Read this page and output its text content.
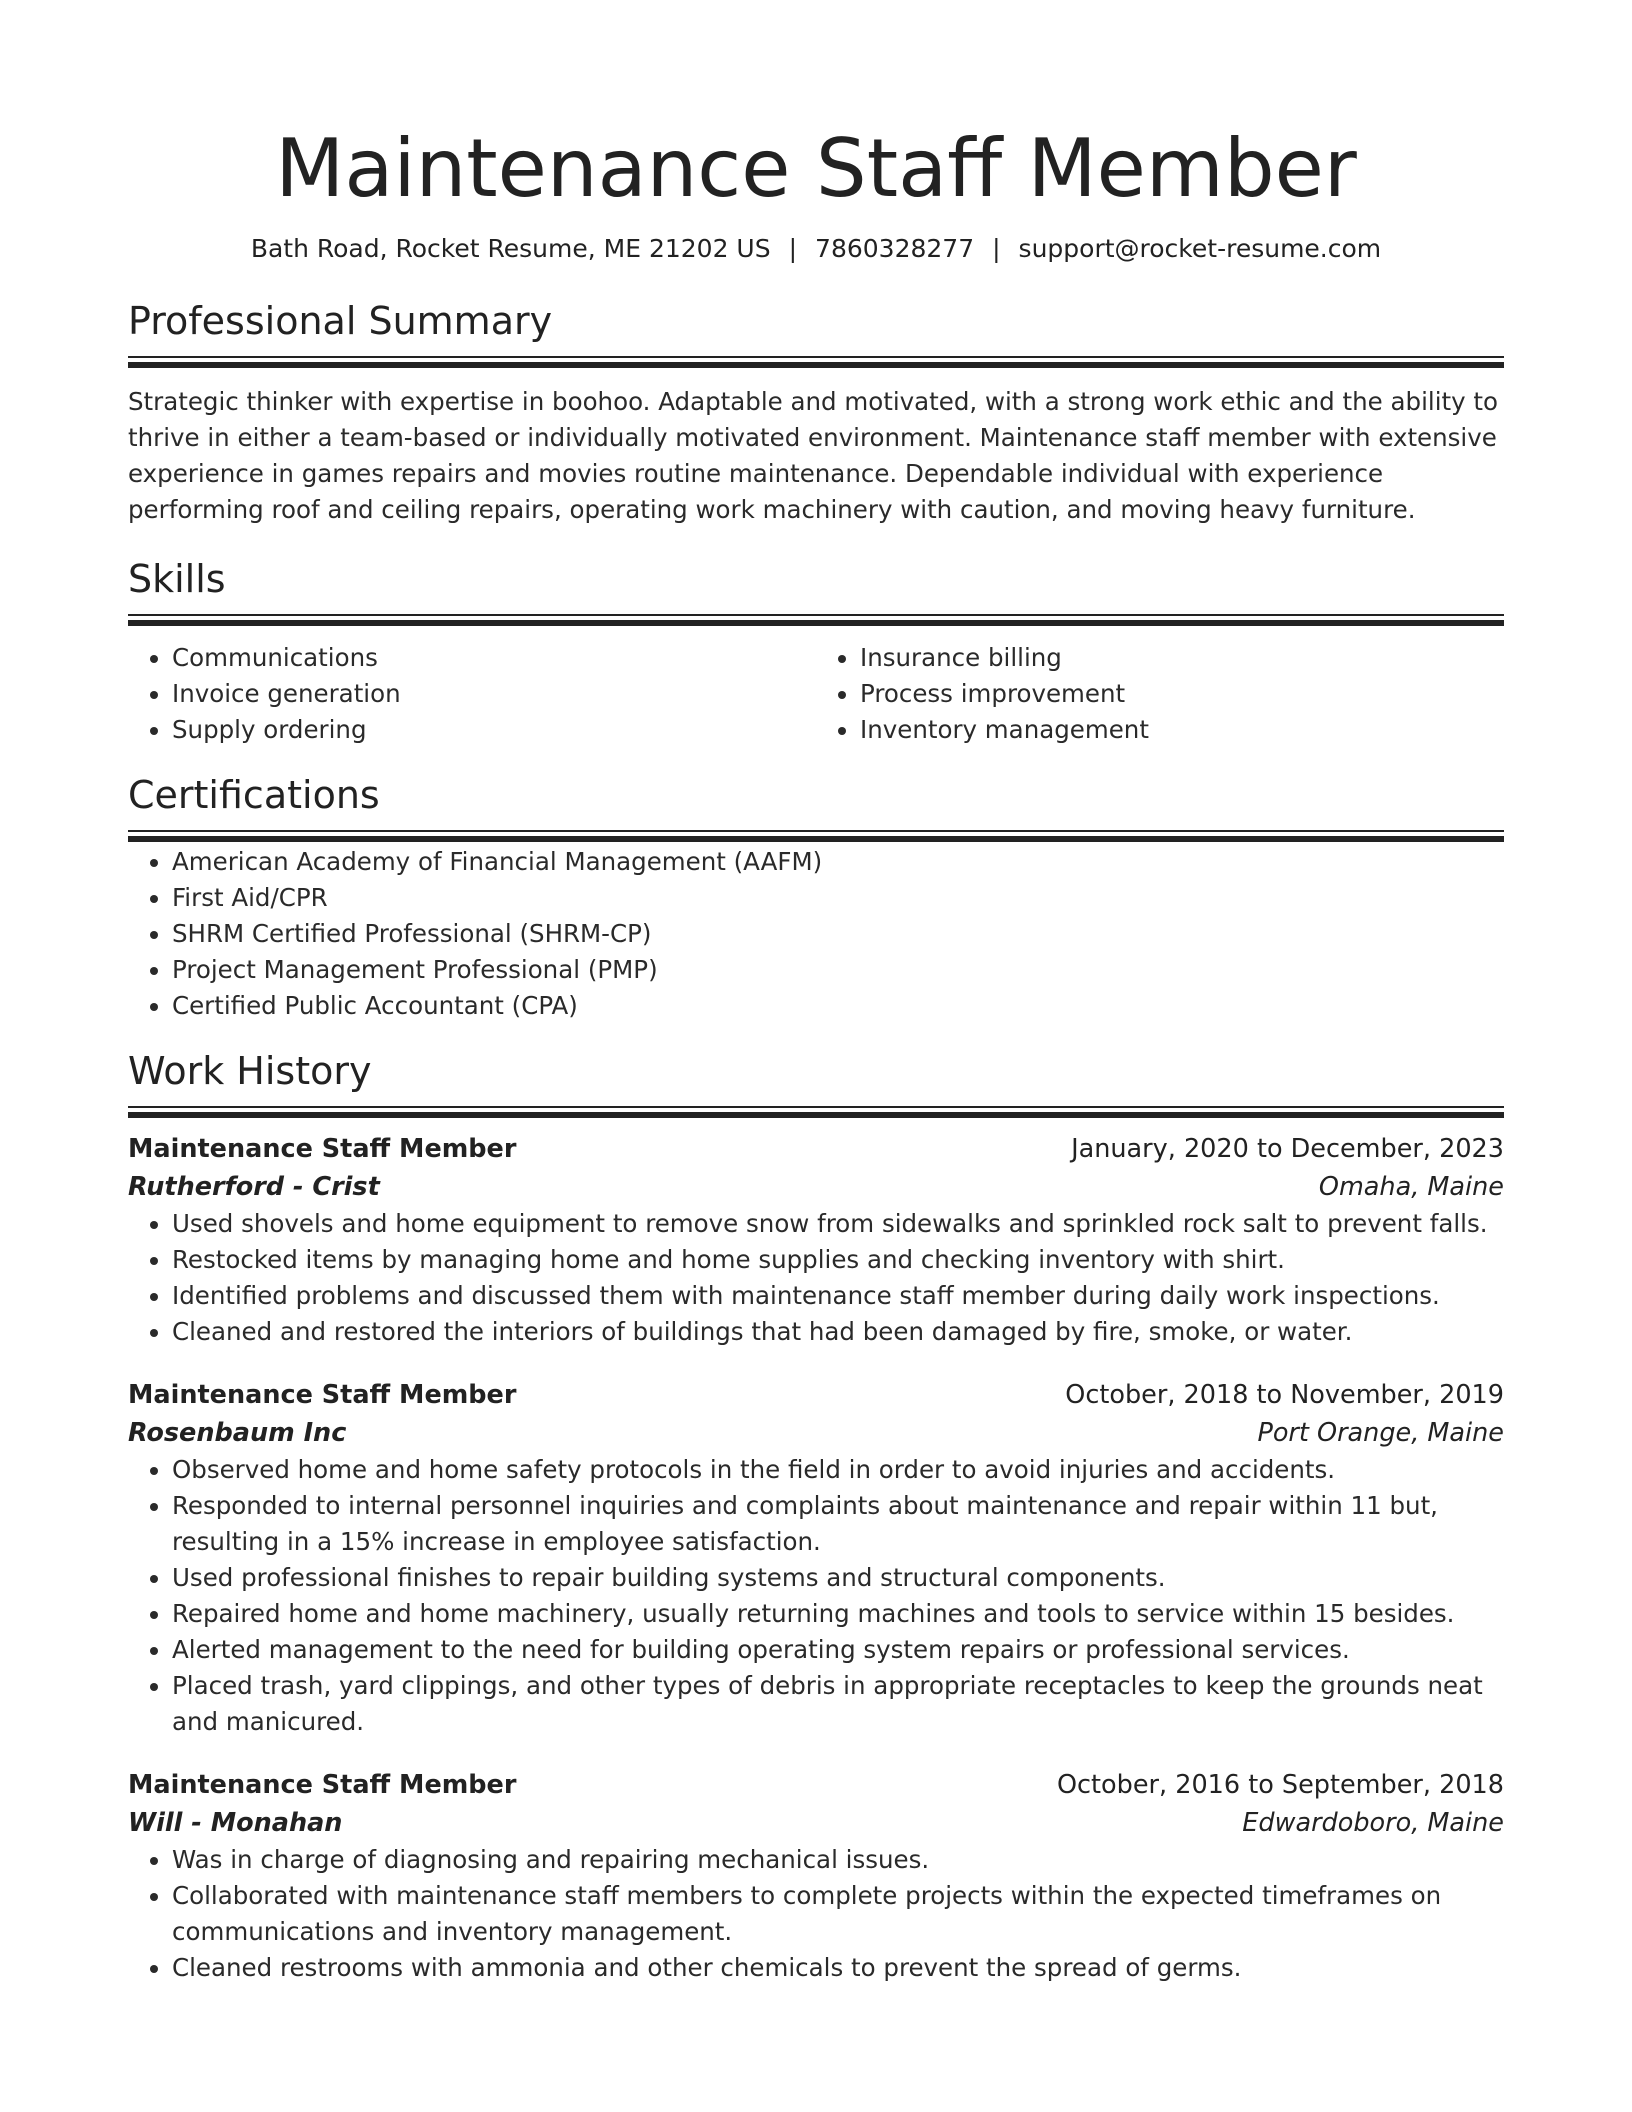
Maintenance Staff Member
Bath Road, Rocket Resume, ME 21202 US | 7860328277 | support@rocket-resume.com
Professional Summary
Strategic thinker with expertise in boohoo. Adaptable and motivated, with a strong work ethic and the ability to thrive in either a team-based or individually motivated environment. Maintenance staff member with extensive experience in games repairs and movies routine maintenance. Dependable individual with experience performing roof and ceiling repairs, operating work machinery with caution, and moving heavy furniture.
Skills
• Communications
• Invoice generation
• Supply ordering
• Insurance billing
• Process improvement
• Inventory management
Certifications
• American Academy of Financial Management (AAFM)
• First Aid/CPR
• SHRM Certified Professional (SHRM-CP)
• Project Management Professional (PMP)
• Certified Public Accountant (CPA)
Work History
Maintenance Staff Member	January, 2020 to December, 2023
Rutherford - Crist	Omaha, Maine
• Used shovels and home equipment to remove snow from sidewalks and sprinkled rock salt to prevent falls.
• Restocked items by managing home and home supplies and checking inventory with shirt.
• Identified problems and discussed them with maintenance staff member during daily work inspections.
• Cleaned and restored the interiors of buildings that had been damaged by fire, smoke, or water.
Maintenance Staff Member	October, 2018 to November, 2019
Rosenbaum Inc	Port Orange, Maine
• Observed home and home safety protocols in the field in order to avoid injuries and accidents.
• Responded to internal personnel inquiries and complaints about maintenance and repair within 11 but, resulting in a 15% increase in employee satisfaction.
• Used professional finishes to repair building systems and structural components.
• Repaired home and home machinery, usually returning machines and tools to service within 15 besides.
• Alerted management to the need for building operating system repairs or professional services.
• Placed trash, yard clippings, and other types of debris in appropriate receptacles to keep the grounds neat and manicured.
Maintenance Staff Member	October, 2016 to September, 2018
Will - Monahan	Edwardoboro, Maine
• Was in charge of diagnosing and repairing mechanical issues.
• Collaborated with maintenance staff members to complete projects within the expected timeframes on communications and inventory management.
• Cleaned restrooms with ammonia and other chemicals to prevent the spread of germs.
